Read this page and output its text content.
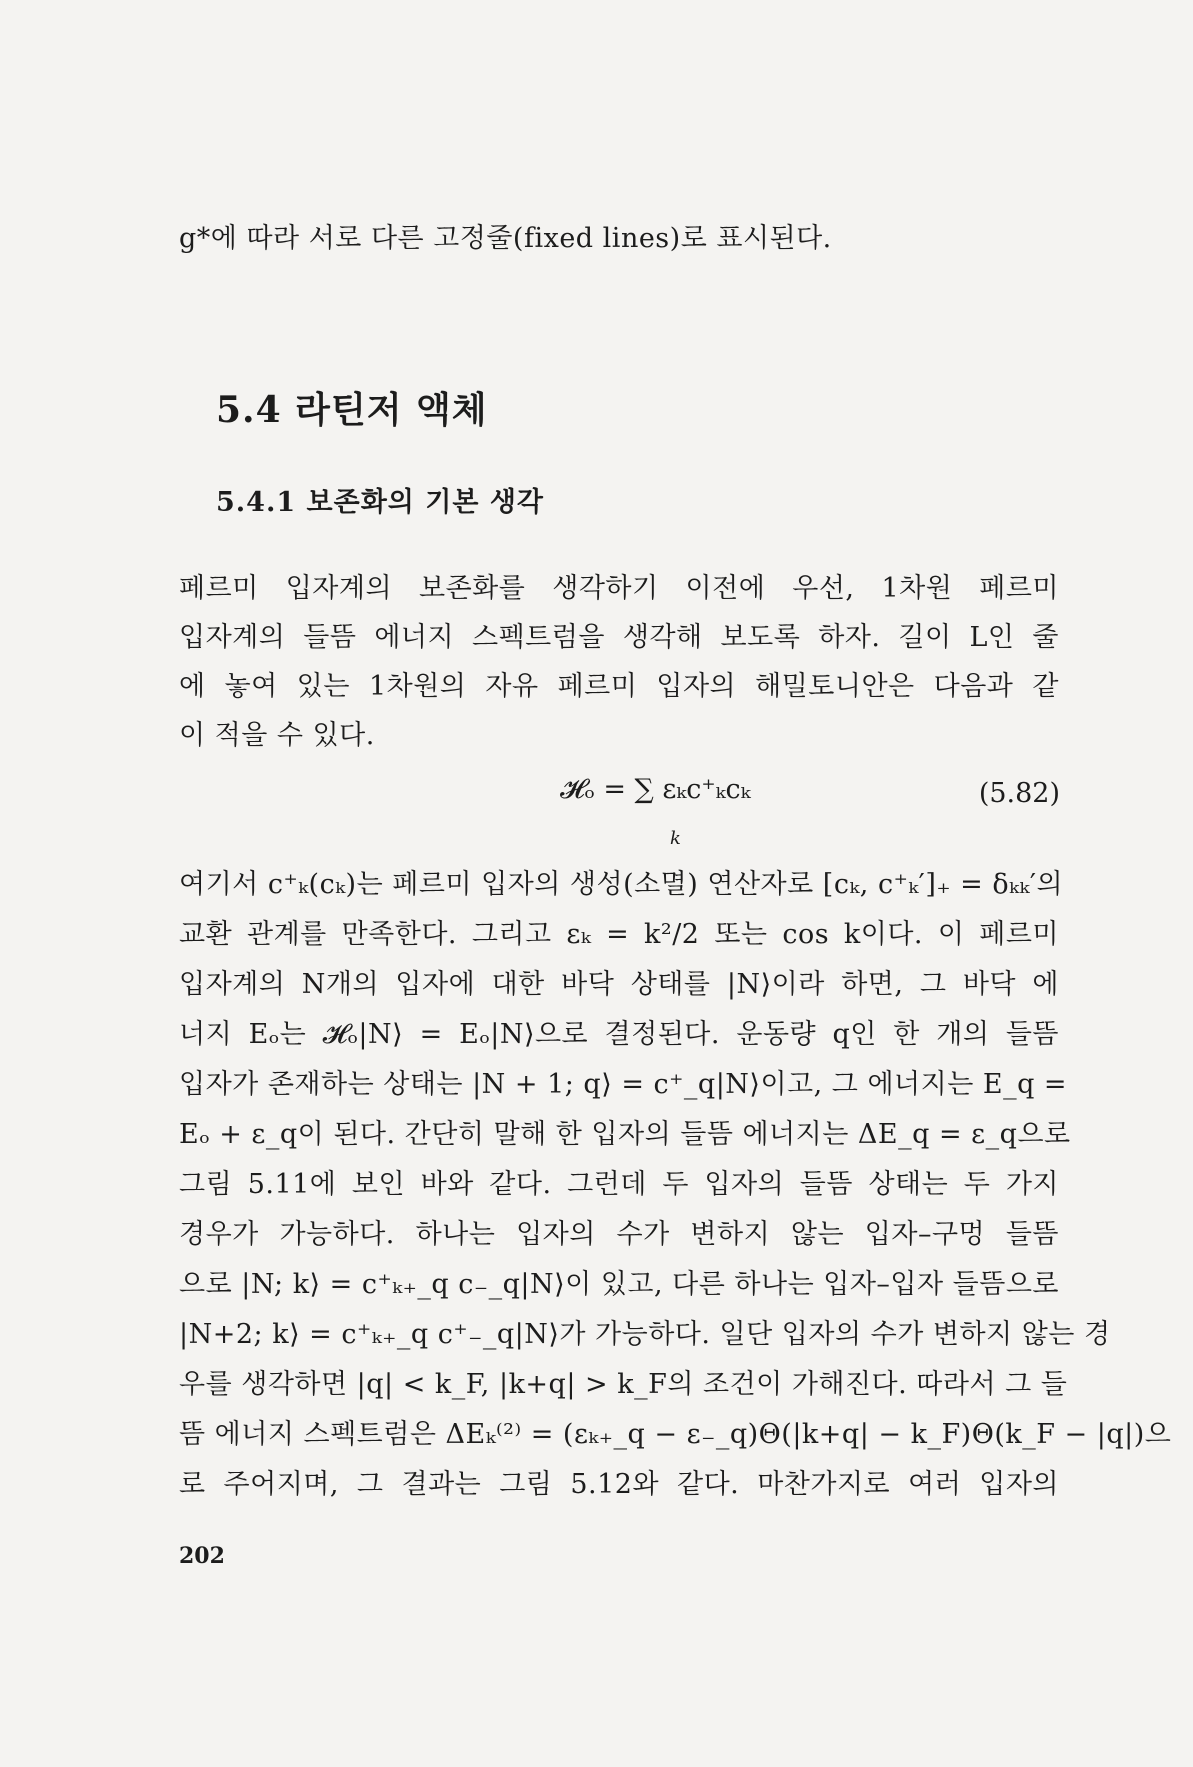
g*에 따라 서로 다른 고정줄(fixed lines)로 표시된다.
5.4 라틴저 액체
5.4.1 보존화의 기본 생각
페르미 입자계의 보존화를 생각하기 이전에 우선, 1차원 페르미
입자계의 들뜸 에너지 스펙트럼을 생각해 보도록 하자. 길이 L인 줄
에 놓여 있는 1차원의 자유 페르미 입자의 해밀토니안은 다음과 같
이 적을 수 있다.
𝓗ₒ = ∑ εₖc⁺ₖcₖ
k
(5.82)
여기서 c⁺ₖ(cₖ)는 페르미 입자의 생성(소멸) 연산자로 [cₖ, c⁺ₖ′]₊ = δₖₖ′의
교환 관계를 만족한다. 그리고 εₖ = k²/2 또는 cos k이다. 이 페르미
입자계의 N개의 입자에 대한 바닥 상태를 |N⟩이라 하면, 그 바닥 에
너지 Eₒ는 𝓗ₒ|N⟩ = Eₒ|N⟩으로 결정된다. 운동량 q인 한 개의 들뜸
입자가 존재하는 상태는 |N + 1; q⟩ = c⁺_q|N⟩이고, 그 에너지는 E_q =
Eₒ + ε_q이 된다. 간단히 말해 한 입자의 들뜸 에너지는 ΔE_q = ε_q으로
그림 5.11에 보인 바와 같다. 그런데 두 입자의 들뜸 상태는 두 가지
경우가 가능하다. 하나는 입자의 수가 변하지 않는 입자–구멍 들뜸
으로 |N; k⟩ = c⁺ₖ₊_q c₋_q|N⟩이 있고, 다른 하나는 입자–입자 들뜸으로
|N+2; k⟩ = c⁺ₖ₊_q c⁺₋_q|N⟩가 가능하다. 일단 입자의 수가 변하지 않는 경
우를 생각하면 |q| < k_F, |k+q| > k_F의 조건이 가해진다. 따라서 그 들
뜸 에너지 스펙트럼은 ΔEₖ⁽²⁾ = (εₖ₊_q − ε₋_q)Θ(|k+q| − k_F)Θ(k_F − |q|)으
로 주어지며, 그 결과는 그림 5.12와 같다. 마찬가지로 여러 입자의
202
